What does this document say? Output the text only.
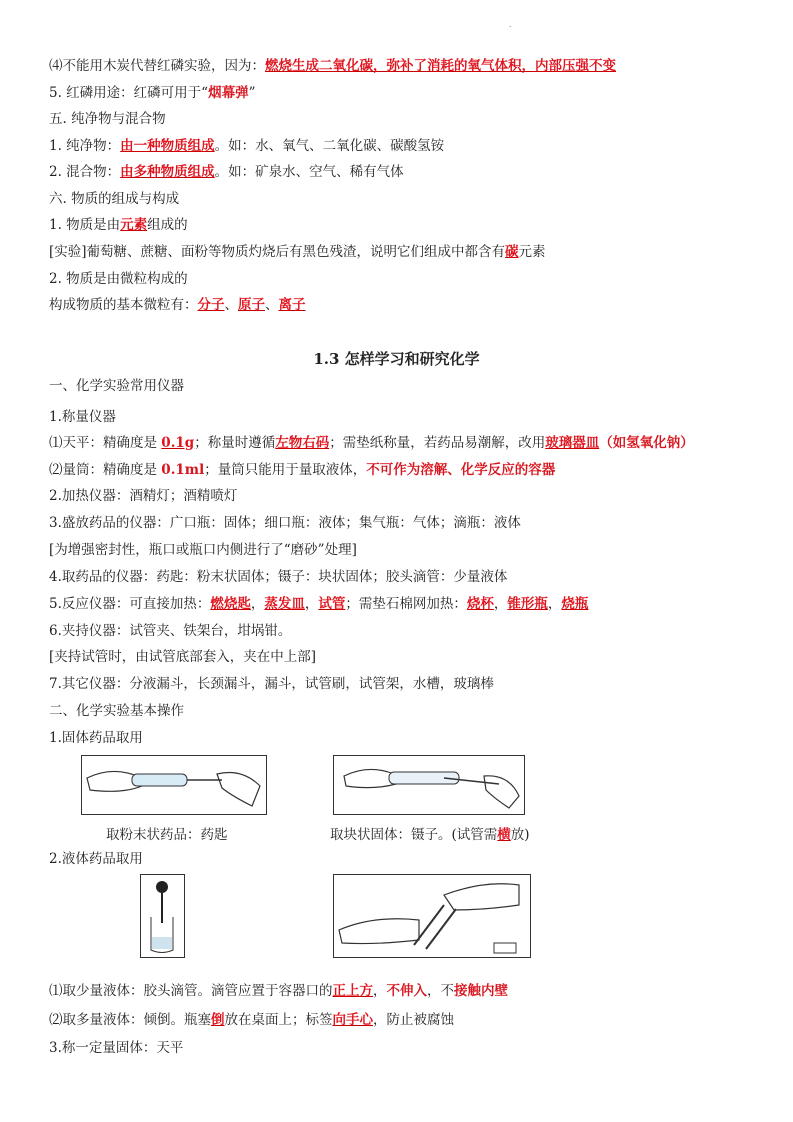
.
⑷不能用木炭代替红磷实验，因为：燃烧生成二氧化碳，弥补了消耗的氧气体积，内部压强不变
5. 红磷用途：红磷可用于“烟幕弹”
五. 纯净物与混合物
1. 纯净物：由一种物质组成。如：水、氧气、二氧化碳、碳酸氢铵
2. 混合物：由多种物质组成。如：矿泉水、空气、稀有气体
六. 物质的组成与构成
1. 物质是由元素组成的
[实验]葡萄糖、蔗糖、面粉等物质灼烧后有黑色残渣，说明它们组成中都含有碳元素
2. 物质是由微粒构成的
构成物质的基本微粒有：分子、原子、离子
一、化学实验常用仪器
1.称量仪器
⑴天平：精确度是 0.1g；称量时遵循左物右码；需垫纸称量，若药品易潮解，改用玻璃器皿（如氢氧化钠）
⑵量筒：精确度是 0.1ml；量筒只能用于量取液体，不可作为溶解、化学反应的容器
2.加热仪器：酒精灯；酒精喷灯
3.盛放药品的仪器：广口瓶：固体；细口瓶：液体；集气瓶：气体；滴瓶：液体
[为增强密封性，瓶口或瓶口内侧进行了“磨砂”处理]
4.取药品的仪器：药匙：粉末状固体；镊子：块状固体；胶头滴管：少量液体
5.反应仪器：可直接加热：燃烧匙，蒸发皿，试管；需垫石棉网加热：烧杯，锥形瓶，烧瓶
6.夹持仪器：试管夹、铁架台，坩埚钳。
[夹持试管时，由试管底部套入，夹在中上部]
7.其它仪器：分液漏斗，长颈漏斗，漏斗，试管刷，试管架，水槽，玻璃棒
二、化学实验基本操作
1.固体药品取用
2.液体药品取用
⑴取少量液体：胶头滴管。滴管应置于容器口的正上方，不伸入，不接触内壁
⑵取多量液体：倾倒。瓶塞倒放在桌面上；标签向手心，防止被腐蚀
3.称一定量固体：天平
1.3 怎样学习和研究化学
取粉末状药品：药匙	取块状固体：镊子。(试管需横放)
